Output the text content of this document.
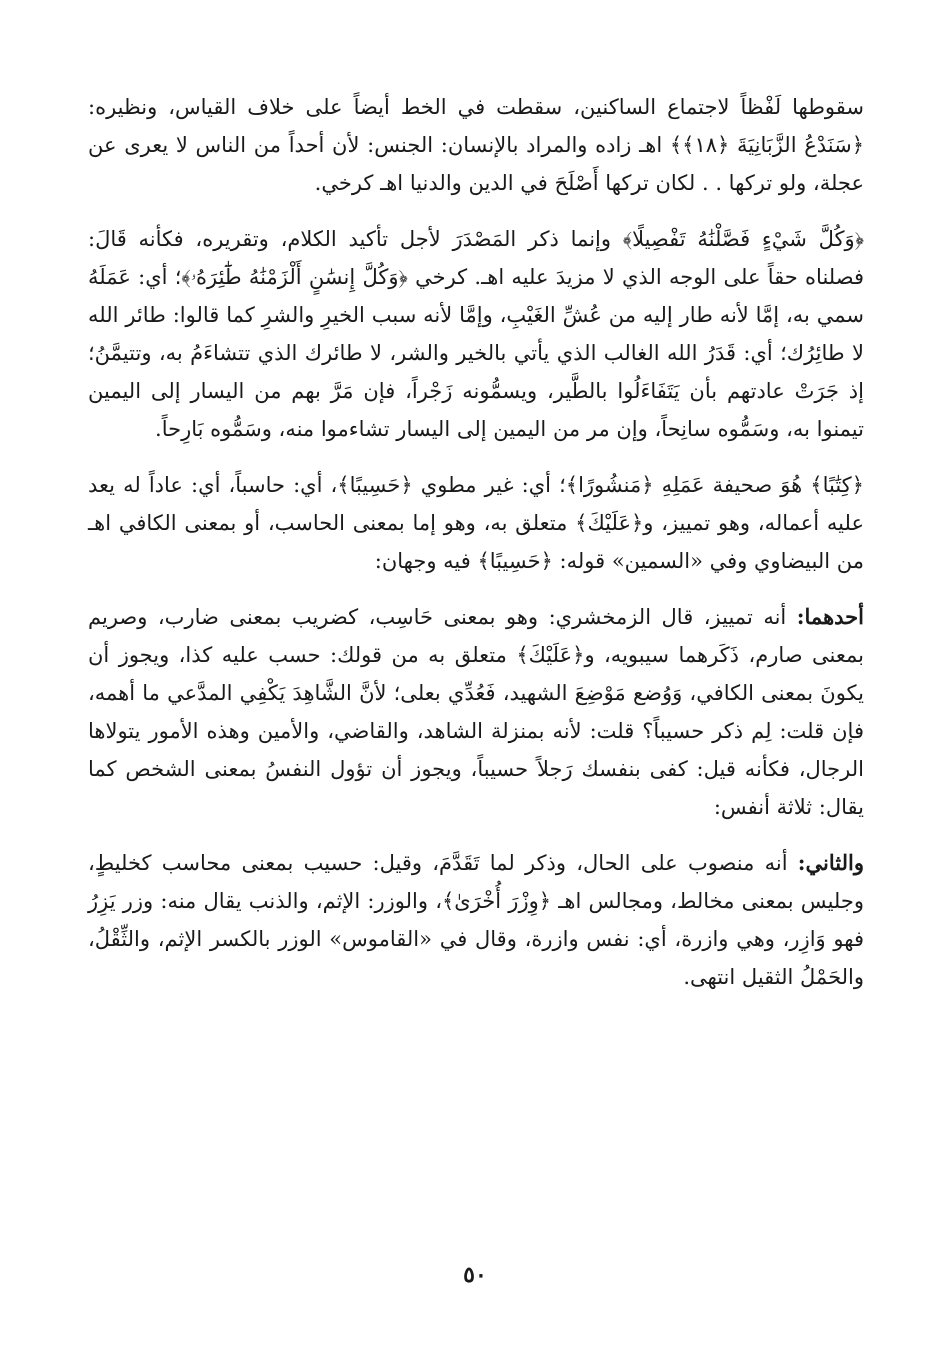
سقوطها لَفْظاً لاجتماع الساكنين، سقطت في الخط أيضاً على خلاف القياس، ونظيره: ﴿سَنَدْعُ الزَّبَانِيَةَ ﴿١٨﴾﴾ اهـ زاده والمراد بالإنسان: الجنس: لأن أحداً من الناس لا يعرى عن عجلة، ولو تركها . . لكان تركها أَصْلَحَ في الدين والدنيا اهـ كرخي.

﴿وَكُلَّ شَيْءٍ فَصَّلْنَٰهُ تَفْصِيلًا﴾ وإنما ذكر المَصْدَرَ لأجل تأكيد الكلام، وتقريره، فكأنه قَالَ: فصلناه حقاً على الوجه الذي لا مزيدَ عليه اهـ. كرخي ﴿وَكُلَّ إِنسَٰنٍ أَلْزَمْنَٰهُ طَٰٓئِرَهُۥ﴾؛ أي: عَمَلَهُ سمي به، إمَّا لأنه طار إليه من عُشِّ الغَيْبِ، وإمَّا لأنه سبب الخيرِ والشرِ كما قالوا: طائر الله لا طائِرُك؛ أي: قَدَرُ الله الغالب الذي يأتي بالخير والشر، لا طائرك الذي تتشاءَمُ به، وتتيمَّنُ؛ إذ جَرَتْ عادتهم بأن يَتَفَاءَلُوا بالطَّير، ويسمُّونه زَجْراً، فإن مَرَّ بهم من اليسار إلى اليمين تيمنوا به، وسَمُّوه سانِحاً، وإن مر من اليمين إلى اليسار تشاءموا منه، وسَمُّوه بَارِحاً.

﴿كِتَٰبًا﴾ هُوَ صحيفة عَمَلِهِ ﴿مَنشُورًا﴾؛ أي: غير مطوي ﴿حَسِيبًا﴾، أي: حاسباً، أي: عاداً له يعد عليه أعماله، وهو تمييز، و﴿عَلَيْكَ﴾ متعلق به، وهو إما بمعنى الحاسب، أو بمعنى الكافي اهـ من البيضاوي وفي «السمين» قوله: ﴿حَسِيبًا﴾ فيه وجهان:

أحدهما: أنه تمييز، قال الزمخشري: وهو بمعنى حَاسِب، كضريب بمعنى ضارب، وصريم بمعنى صارم، ذَكَرهما سيبويه، و﴿عَلَيْكَ﴾ متعلق به من قولك: حسب عليه كذا، ويجوز أن يكونَ بمعنى الكافي، وَوُضع مَوْضِعَ الشهيد، فَعُدِّي بعلى؛ لأنَّ الشَّاهِدَ يَكْفِي المدَّعي ما أهمه، فإن قلت: لِم ذكر حسيباً؟ قلت: لأنه بمنزلة الشاهد، والقاضي، والأمين وهذه الأمور يتولاها الرجال، فكأنه قيل: كفى بنفسك رَجلاً حسيباً، ويجوز أن تؤول النفسُ بمعنى الشخص كما يقال: ثلاثة أنفس:

والثاني: أنه منصوب على الحال، وذكر لما تَقَدَّمَ، وقيل: حسيب بمعنى محاسب كخليطٍ، وجليس بمعنى مخالط، ومجالس اهـ ﴿وِزْرَ أُخْرَىٰ﴾، والوزر: الإثم، والذنب يقال منه: وزر يَزِرُ فهو وَازِر، وهي وازرة، أي: نفس وازرة، وقال في «القاموس» الوزر بالكسر الإثم، والثِّقْلُ، والحَمْلُ الثقيل انتهى.

٥٠
